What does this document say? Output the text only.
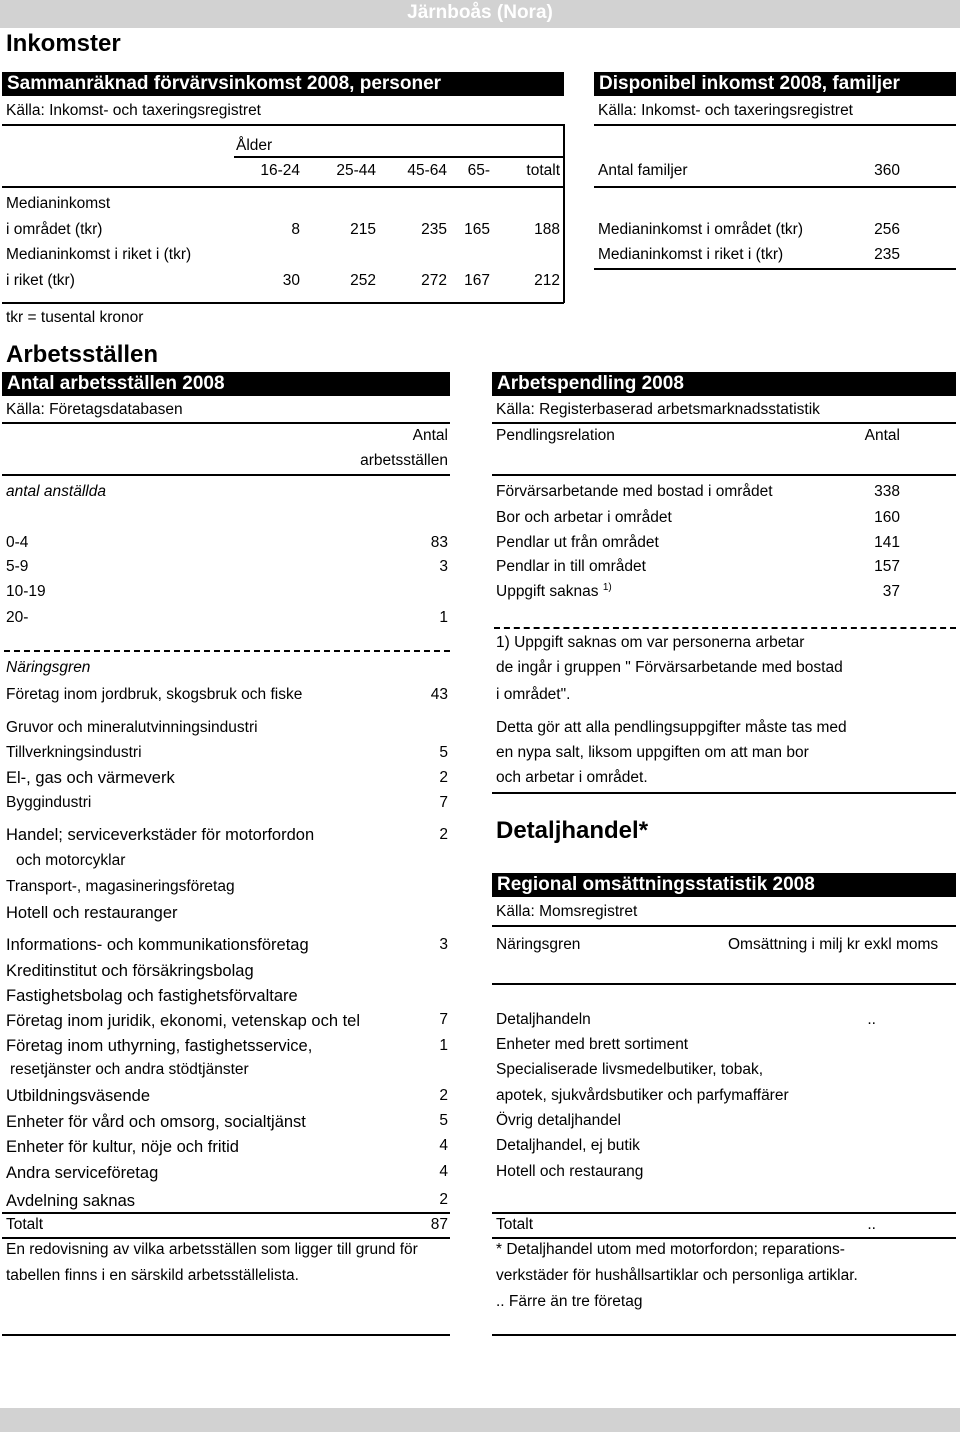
Järnboås (Nora)
Inkomster
Sammanräknad förvärvsinkomst 2008, personer
Källa: Inkomst- och taxeringsregistret
Ålder
16-24	25-44	45-64	65-	totalt
Medianinkomst
i området (tkr)	8	215	235	165	188
Medianinkomst i riket i (tkr)
i riket (tkr)	30	252	272	167	212
tkr = tusental kronor
Disponibel inkomst 2008, familjer
Källa: Inkomst- och taxeringsregistret
Antal familjer	360
Medianinkomst i området (tkr)	256
Medianinkomst i riket i (tkr)	235
Arbetsställen
Antal arbetsställen 2008
Källa: Företagsdatabasen
Antal
arbetsställen
antal anställda
0-4	83
5-9	3
10-19
20-	1
Näringsgren
Företag inom jordbruk, skogsbruk och fiske	43
Gruvor och mineralutvinningsindustri
Tillverkningsindustri	5
El-, gas och värmeverk	2
Byggindustri	7
Handel; serviceverkstäder för motorfordon	2
och motorcyklar
Transport-, magasineringsföretag
Hotell och restauranger
Informations- och kommunikationsföretag	3
Kreditinstitut och försäkringsbolag
Fastighetsbolag och fastighetsförvaltare
Företag inom juridik, ekonomi, vetenskap och tel	7
Företag inom uthyrning, fastighetsservice,	1
resetjänster och andra stödtjänster
Utbildningsväsende	2
Enheter för vård och omsorg, socialtjänst	5
Enheter för kultur, nöje och fritid	4
Andra serviceföretag	4
Avdelning saknas	2
Totalt	87
En redovisning av vilka arbetsställen som ligger till grund för
tabellen finns i en särskild arbetsställelista.
Arbetspendling 2008
Källa: Registerbaserad arbetsmarknadsstatistik
Pendlingsrelation	Antal
Förvärsarbetande med bostad i området	338
Bor och arbetar i området	160
Pendlar ut från området	141
Pendlar in till området	157
Uppgift saknas $^{1)}$	37
1) Uppgift saknas om var personerna arbetar
de ingår i gruppen " Förvärsarbetande med bostad
i området".
Detta gör att alla pendlingsuppgifter måste tas med
en nypa salt, liksom uppgiften om att man bor
och arbetar i området.
Detaljhandel*
Regional omsättningsstatistik 2008
Källa: Momsregistret
Näringsgren	Omsättning i milj kr exkl moms
Detaljhandeln	..
Enheter med brett sortiment
Specialiserade livsmedelbutiker, tobak,
apotek, sjukvårdsbutiker och parfymaffärer
Övrig detaljhandel
Detaljhandel, ej butik
Hotell och restaurang
Totalt	..
* Detaljhandel utom med motorfordon; reparations-
verkstäder för hushållsartiklar och personliga artiklar.
.. Färre än tre företag
